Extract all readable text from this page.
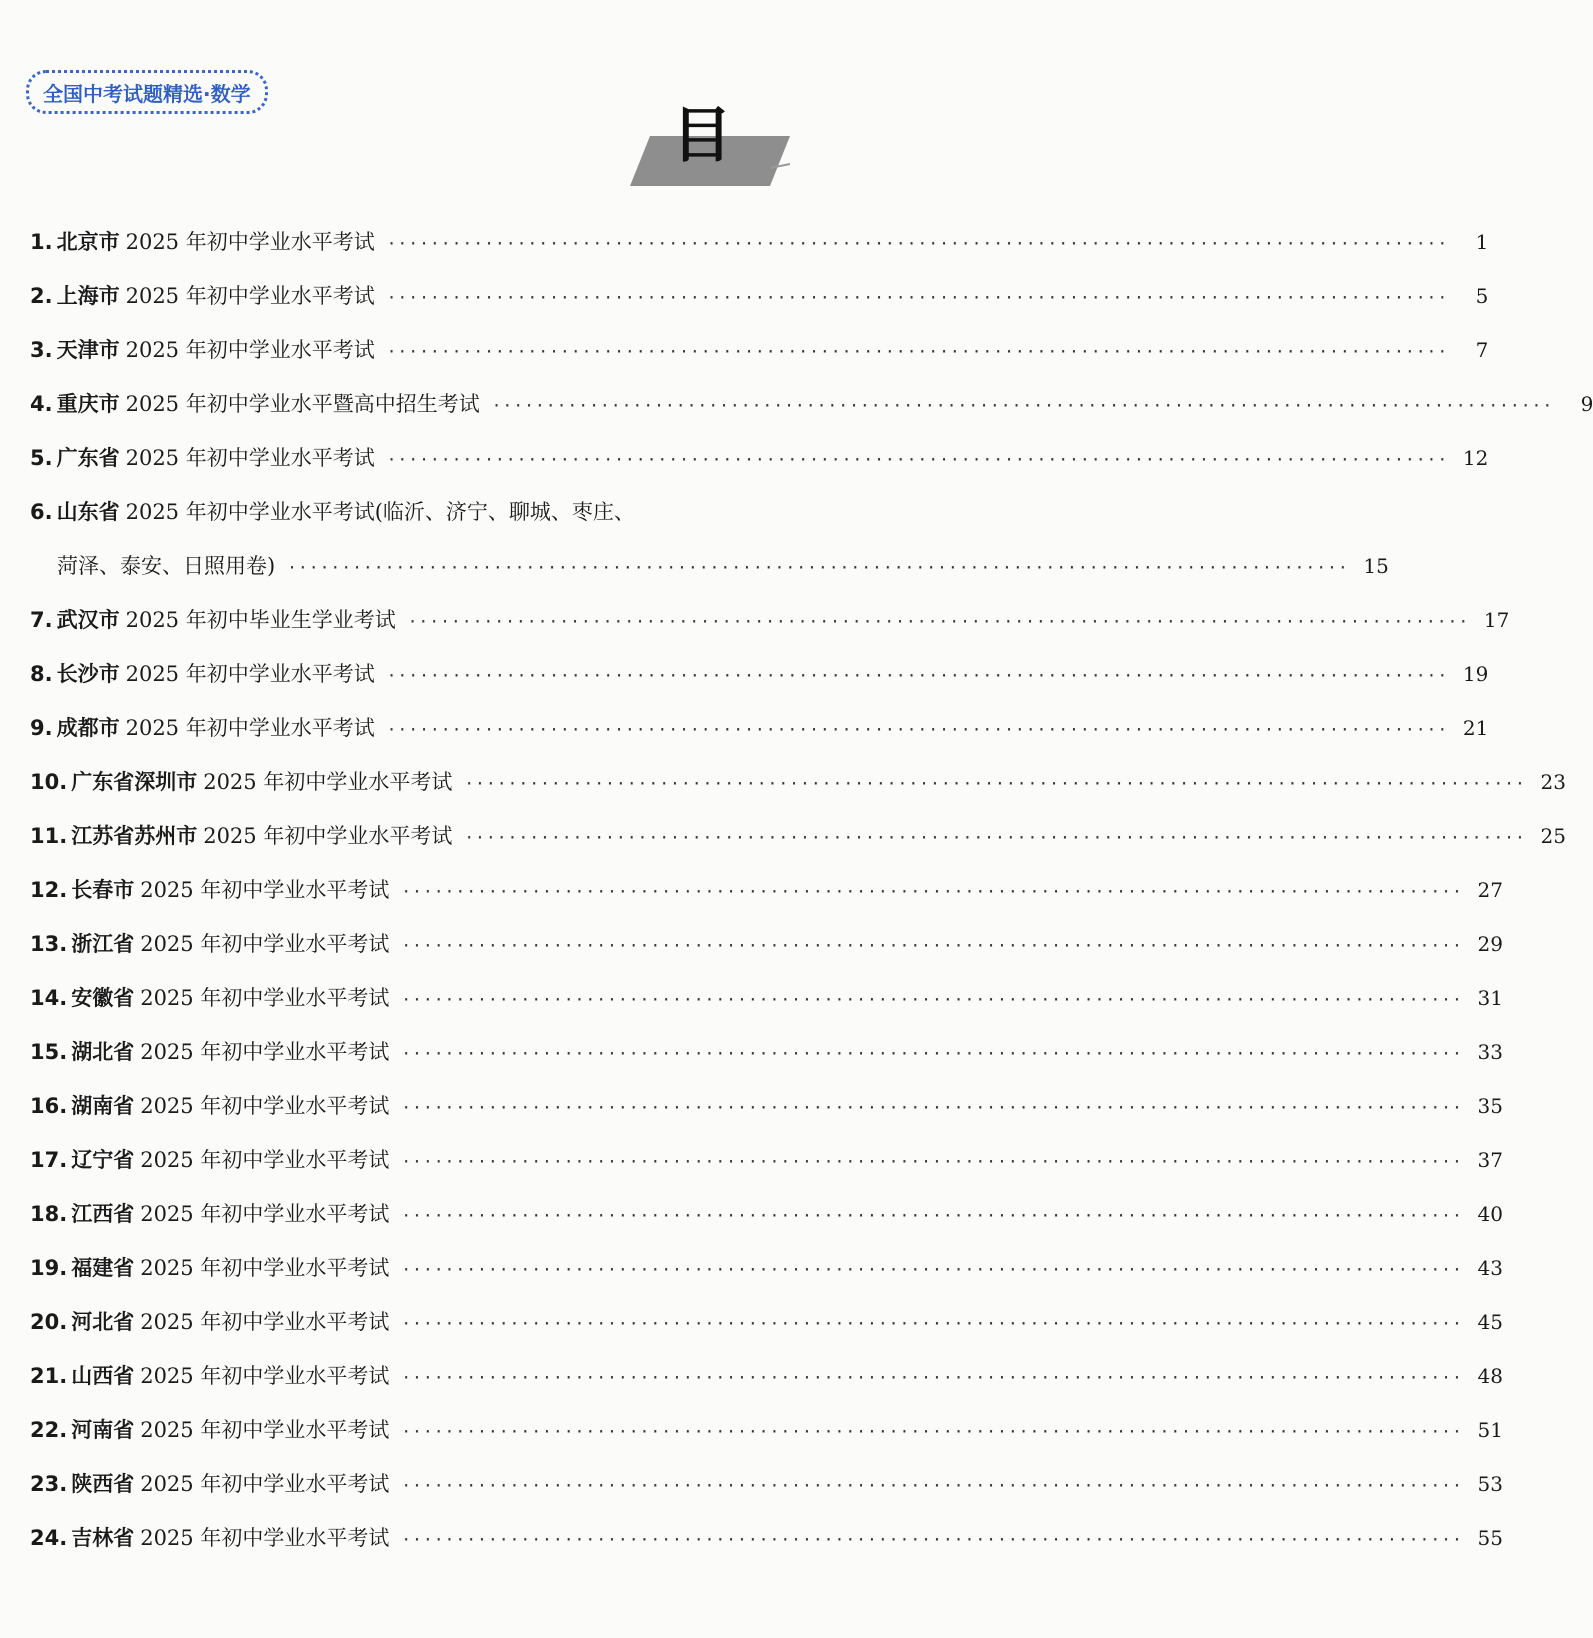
全国中考试题精选·数学
目
1. 北京市 2025 年初中学业水平考试 ··································································································	1
2. 上海市 2025 年初中学业水平考试 ··································································································	5
3. 天津市 2025 年初中学业水平考试 ··································································································	7
4. 重庆市 2025 年初中学业水平暨高中招生考试 ··································································································	9
5. 广东省 2025 年初中学业水平考试 ·································································································· 12
6. 山东省 2025 年初中学业水平考试(临沂、济宁、聊城、枣庄、
菏泽、泰安、日照用卷) ·································································································· 15
7. 武汉市 2025 年初中毕业生学业考试 ·································································································· 17
8. 长沙市 2025 年初中学业水平考试 ·································································································· 19
9. 成都市 2025 年初中学业水平考试 ·································································································· 21
10. 广东省深圳市 2025 年初中学业水平考试 ·································································································· 23
11. 江苏省苏州市 2025 年初中学业水平考试 ·································································································· 25
12. 长春市 2025 年初中学业水平考试 ·································································································· 27
13. 浙江省 2025 年初中学业水平考试 ·································································································· 29
14. 安徽省 2025 年初中学业水平考试 ·································································································· 31
15. 湖北省 2025 年初中学业水平考试 ·································································································· 33
16. 湖南省 2025 年初中学业水平考试 ·································································································· 35
17. 辽宁省 2025 年初中学业水平考试 ·································································································· 37
18. 江西省 2025 年初中学业水平考试 ·································································································· 40
19. 福建省 2025 年初中学业水平考试 ·································································································· 43
20. 河北省 2025 年初中学业水平考试 ·································································································· 45
21. 山西省 2025 年初中学业水平考试 ·································································································· 48
22. 河南省 2025 年初中学业水平考试 ·································································································· 51
23. 陕西省 2025 年初中学业水平考试 ·································································································· 53
24. 吉林省 2025 年初中学业水平考试 ·································································································· 55
